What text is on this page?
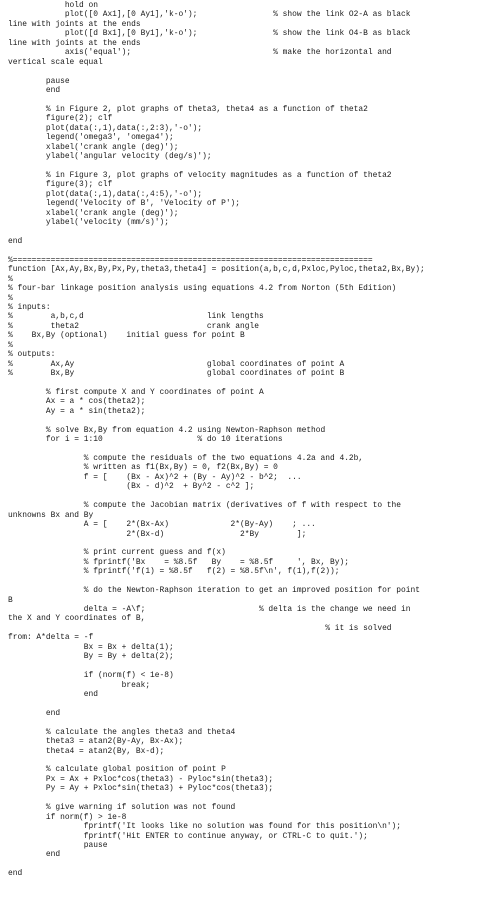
hold on
plot([0 Ax1],[0 Ay1],'k-o');                % show the link O2-A as black
line with joints at the ends
plot([d Bx1],[0 By1],'k-o');                % show the link O4-B as black
line with joints at the ends
axis('equal');                              % make the horizontal and
vertical scale equal
pause
end
% in Figure 2, plot graphs of theta3, theta4 as a function of theta2
figure(2); clf
plot(data(:,1),data(:,2:3),'-o');
legend('omega3', 'omega4');
xlabel('crank angle (deg)');
ylabel('angular velocity (deg/s)');
% in Figure 3, plot graphs of velocity magnitudes as a function of theta2
figure(3); clf
plot(data(:,1),data(:,4:5),'-o');
legend('Velocity of B', 'Velocity of P');
xlabel('crank angle (deg)');
ylabel('velocity (mm/s)');
end
%============================================================================
function [Ax,Ay,Bx,By,Px,Py,theta3,theta4] = position(a,b,c,d,Pxloc,Pyloc,theta2,Bx,By);
%
% four-bar linkage position analysis using equations 4.2 from Norton (5th Edition)
%
% inputs:
%        a,b,c,d                          link lengths
%        theta2                           crank angle
%    Bx,By (optional)    initial guess for point B
%
% outputs:
%        Ax,Ay                            global coordinates of point A
%        Bx,By                            global coordinates of point B
% first compute X and Y coordinates of point A
Ax = a * cos(theta2);
Ay = a * sin(theta2);
% solve Bx,By from equation 4.2 using Newton-Raphson method
for i = 1:10                    % do 10 iterations
% compute the residuals of the two equations 4.2a and 4.2b,
% written as f1(Bx,By) = 0, f2(Bx,By) = 0
f = [    (Bx - Ax)^2 + (By - Ay)^2 - b^2;  ...
(Bx - d)^2  + By^2 - c^2 ];
% compute the Jacobian matrix (derivatives of f with respect to the
unknowns Bx and By
A = [    2*(Bx-Ax)             2*(By-Ay)    ; ...
2*(Bx-d)                2*By        ];
% print current guess and f(x)
% fprintf('Bx    = %8.5f   By    = %8.5f     ', Bx, By);
% fprintf('f(1) = %8.5f   f(2) = %8.5f\n', f(1),f(2));
% do the Newton-Raphson iteration to get an improved position for point
B
delta = -A\f;                        % delta is the change we need in
the X and Y coordinates of B,
% it is solved
from: A*delta = -f
Bx = Bx + delta(1);
By = By + delta(2);
if (norm(f) < 1e-8)
break;
end
end
% calculate the angles theta3 and theta4
theta3 = atan2(By-Ay, Bx-Ax);
theta4 = atan2(By, Bx-d);
% calculate global position of point P
Px = Ax + Pxloc*cos(theta3) - Pyloc*sin(theta3);
Py = Ay + Pxloc*sin(theta3) + Pyloc*cos(theta3);
% give warning if solution was not found
if norm(f) > 1e-8
fprintf('It looks like no solution was found for this position\n');
fprintf('Hit ENTER to continue anyway, or CTRL-C to quit.');
pause
end
end
